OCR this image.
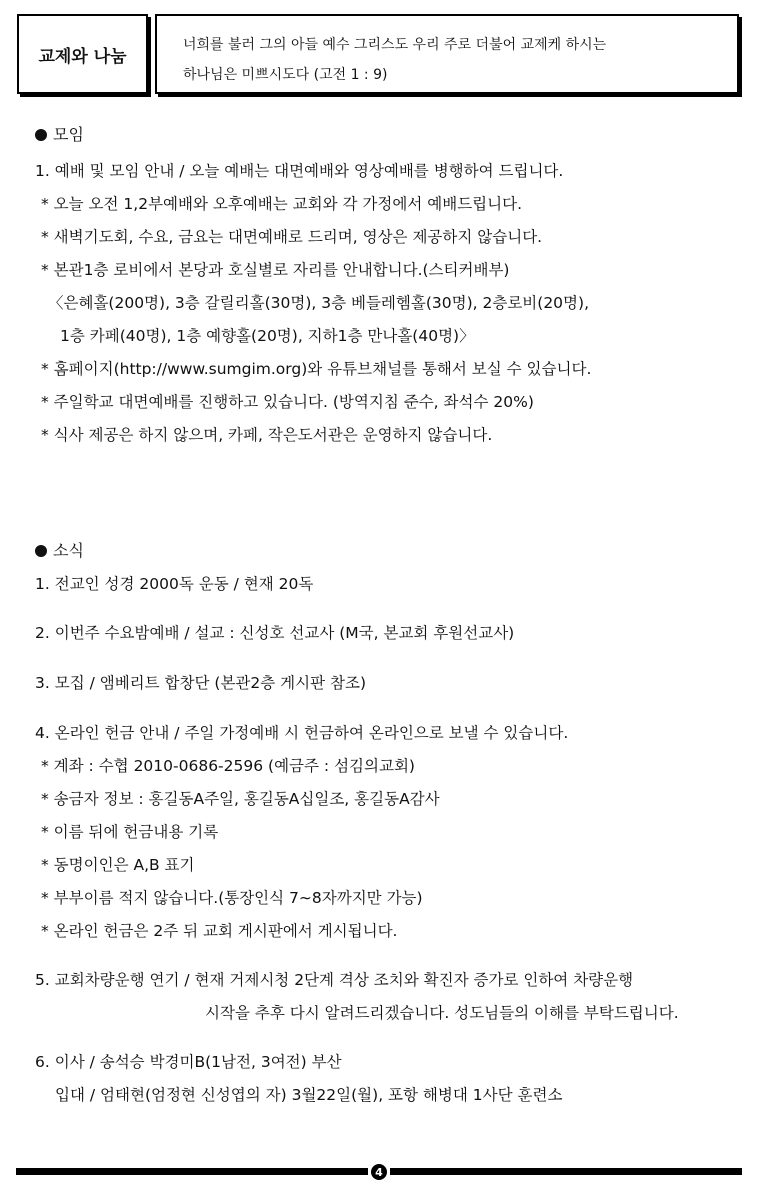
교제와 나눔
너희를 불러 그의 아들 예수 그리스도 우리 주로 더불어 교제케 하시는
하나님은 미쁘시도다 (고전 1 : 9)
모임
1. 예배 및 모임 안내 / 오늘 예배는 대면예배와 영상예배를 병행하여 드립니다.
* 오늘 오전 1,2부예배와 오후예배는 교회와 각 가정에서 예배드립니다.
* 새벽기도회, 수요, 금요는 대면예배로 드리며, 영상은 제공하지 않습니다.
* 본관1층 로비에서 본당과 호실별로 자리를 안내합니다.(스티커배부)
〈은혜홀(200명), 3층 갈릴리홀(30명), 3층 베들레헴홀(30명), 2층로비(20명),
1층 카페(40명), 1층 예향홀(20명), 지하1층 만나홀(40명)〉
* 홈페이지(http://www.sumgim.org)와 유튜브채널를 통해서 보실 수 있습니다.
* 주일학교 대면예배를 진행하고 있습니다. (방역지침 준수, 좌석수 20%)
* 식사 제공은 하지 않으며, 카페, 작은도서관은 운영하지 않습니다.
소식
1. 전교인 성경 2000독 운동 / 현재 20독
2. 이번주 수요밤예배 / 설교 : 신성호 선교사 (M국, 본교회 후원선교사)
3. 모집 / 앰베리트 합창단 (본관2층 게시판 참조)
4. 온라인 헌금 안내 / 주일 가정예배 시 헌금하여 온라인으로 보낼 수 있습니다.
* 계좌 : 수협 2010-0686-2596 (예금주 : 섬김의교회)
* 송금자 정보 : 홍길동A주일, 홍길동A십일조, 홍길동A감사
* 이름 뒤에 헌금내용 기록
* 동명이인은 A,B 표기
* 부부이름 적지 않습니다.(통장인식 7∼8자까지만 가능)
* 온라인 헌금은 2주 뒤 교회 게시판에서 게시됩니다.
5. 교회차량운행 연기 / 현재 거제시청 2단계 격상 조치와 확진자 증가로 인하여 차량운행
시작을 추후 다시 알려드리겠습니다. 성도님들의 이해를 부탁드립니다.
6. 이사 / 송석승 박경미B(1남전, 3여전) 부산
입대 / 엄태현(엄정현 신성엽의 자) 3월22일(월), 포항 해병대 1사단 훈련소
4
